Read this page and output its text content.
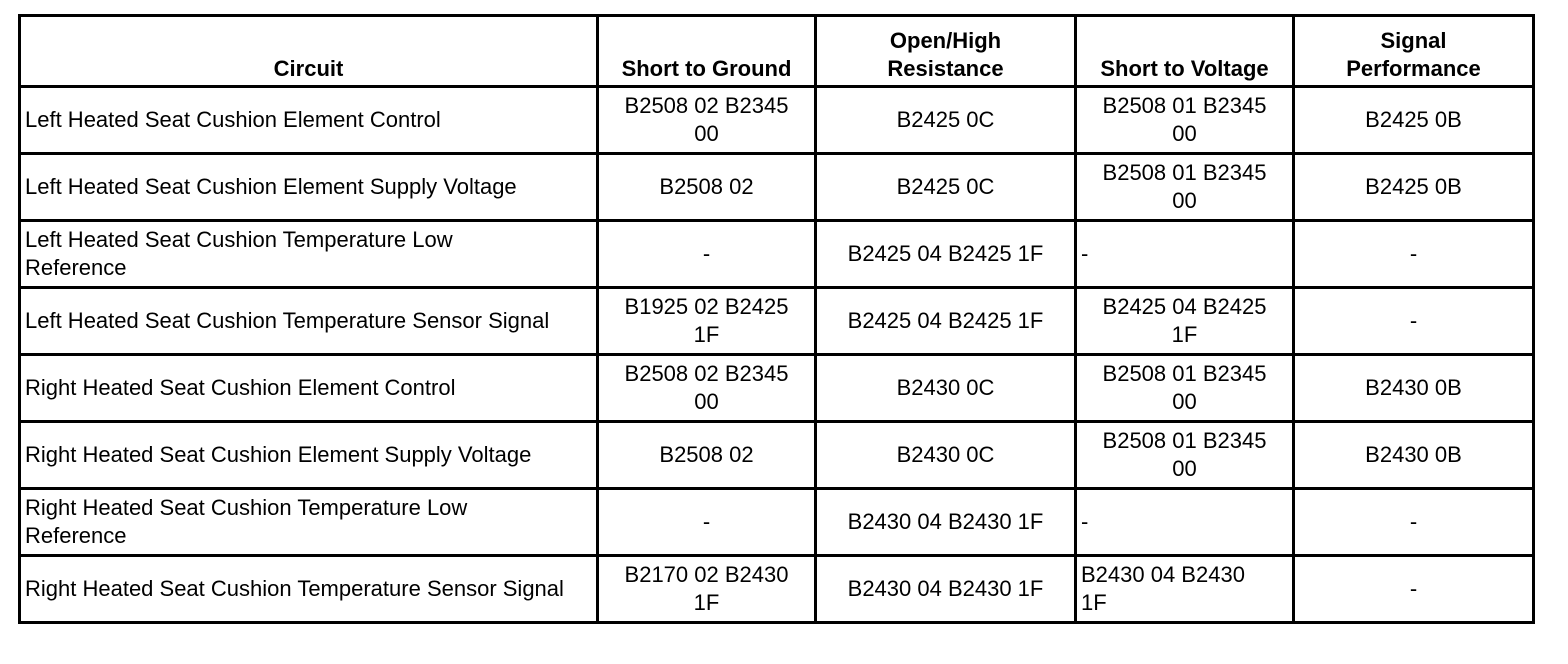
Circuit	Short to Ground	Open/High Resistance	Short to Voltage	Signal Performance
Left Heated Seat Cushion Element Control	B2508 02 B2345 00	B2425 0C	B2508 01 B2345 00	B2425 0B
Left Heated Seat Cushion Element Supply Voltage	B2508 02	B2425 0C	B2508 01 B2345 00	B2425 0B
Left Heated Seat Cushion Temperature Low Reference	-	B2425 04 B2425 1F	-	-
Left Heated Seat Cushion Temperature Sensor Signal	B1925 02 B2425 1F	B2425 04 B2425 1F	B2425 04 B2425 1F	-
Right Heated Seat Cushion Element Control	B2508 02 B2345 00	B2430 0C	B2508 01 B2345 00	B2430 0B
Right Heated Seat Cushion Element Supply Voltage	B2508 02	B2430 0C	B2508 01 B2345 00	B2430 0B
Right Heated Seat Cushion Temperature Low Reference	-	B2430 04 B2430 1F	-	-
Right Heated Seat Cushion Temperature Sensor Signal	B2170 02 B2430 1F	B2430 04 B2430 1F	B2430 04 B2430 1F	-
